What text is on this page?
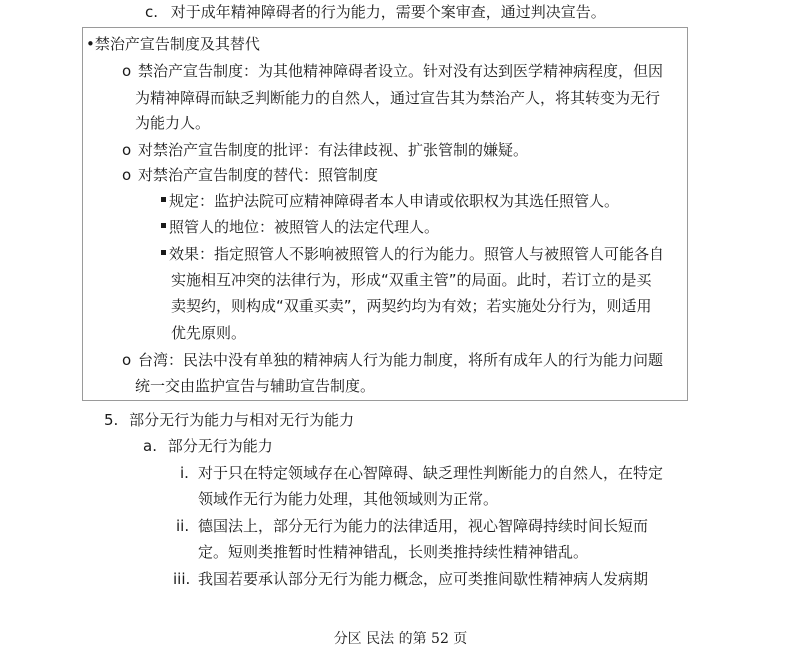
c. 对于成年精神障碍者的行为能力，需要个案审查，通过判决宣告。
•禁治产宣告制度及其替代
o 禁治产宣告制度：为其他精神障碍者设立。针对没有达到医学精神病程度，但因
为精神障碍而缺乏判断能力的自然人，通过宣告其为禁治产人，将其转变为无行
为能力人。
o 对禁治产宣告制度的批评：有法律歧视、扩张管制的嫌疑。
o 对禁治产宣告制度的替代：照管制度
规定：监护法院可应精神障碍者本人申请或依职权为其选任照管人。
照管人的地位：被照管人的法定代理人。
效果：指定照管人不影响被照管人的行为能力。照管人与被照管人可能各自
实施相互冲突的法律行为，形成“双重主管”的局面。此时，若订立的是买
卖契约，则构成“双重买卖”，两契约均为有效；若实施处分行为，则适用
优先原则。
o 台湾：民法中没有单独的精神病人行为能力制度，将所有成年人的行为能力问题
统一交由监护宣告与辅助宣告制度。
5. 部分无行为能力与相对无行为能力
a. 部分无行为能力
i. 对于只在特定领域存在心智障碍、缺乏理性判断能力的自然人，在特定
领域作无行为能力处理，其他领域则为正常。
ii. 德国法上，部分无行为能力的法律适用，视心智障碍持续时间长短而
定。短则类推暂时性精神错乱，长则类推持续性精神错乱。
iii. 我国若要承认部分无行为能力概念，应可类推间歇性精神病人发病期
分区 民法 的第 52 页
